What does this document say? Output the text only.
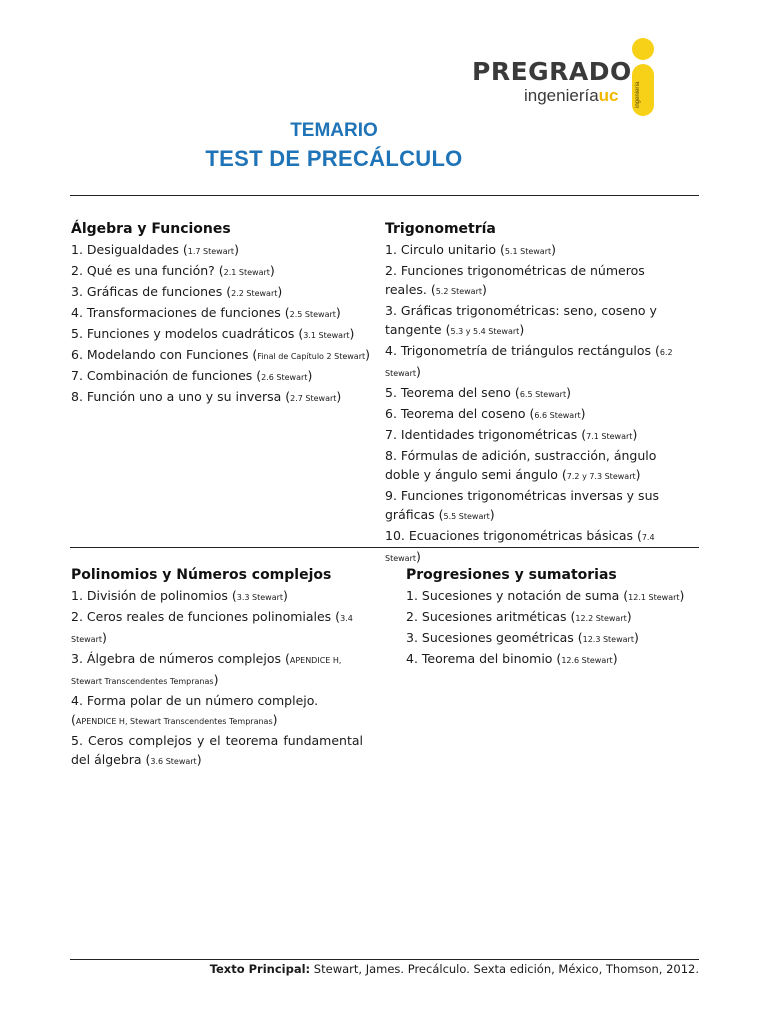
PREGRADO
ingenieríauc	ingeniería
TEMARIO
TEST DE PRECÁLCULO
Álgebra y Funciones
1. Desigualdades (1.7 Stewart)
2. Qué es una función? (2.1 Stewart)
3. Gráficas de funciones (2.2 Stewart)
4. Transformaciones de funciones (2.5 Stewart)
5. Funciones y modelos cuadráticos (3.1 Stewart)
6. Modelando con Funciones (Final de Capítulo 2 Stewart)
7. Combinación de funciones (2.6 Stewart)
8. Función uno a uno y su inversa (2.7 Stewart)
Trigonometría
1. Circulo unitario (5.1 Stewart)
2. Funciones trigonométricas de números reales. (5.2 Stewart)
3. Gráficas trigonométricas: seno, coseno y tangente (5.3 y 5.4 Stewart)
4. Trigonometría de triángulos rectángulos (6.2 Stewart)
5. Teorema del seno (6.5 Stewart)
6. Teorema del coseno (6.6 Stewart)
7. Identidades trigonométricas (7.1 Stewart)
8. Fórmulas de adición, sustracción, ángulo doble y ángulo semi ángulo (7.2 y 7.3 Stewart)
9. Funciones trigonométricas inversas y sus gráficas (5.5 Stewart)
10. Ecuaciones trigonométricas básicas (7.4 Stewart)
Polinomios y Números complejos
1. División de polinomios (3.3 Stewart)
2. Ceros reales de funciones polinomiales (3.4 Stewart)
3. Álgebra de números complejos (APENDICE H, Stewart Transcendentes Tempranas)
4. Forma polar de un número complejo. (APENDICE H, Stewart Transcendentes Tempranas)
5. Ceros complejos y el teorema fundamental del álgebra (3.6 Stewart)
Progresiones y sumatorias
1. Sucesiones y notación de suma (12.1 Stewart)
2. Sucesiones aritméticas (12.2 Stewart)
3. Sucesiones geométricas (12.3 Stewart)
4. Teorema del binomio (12.6 Stewart)
Texto Principal: Stewart, James. Precálculo. Sexta edición, México, Thomson, 2012.
